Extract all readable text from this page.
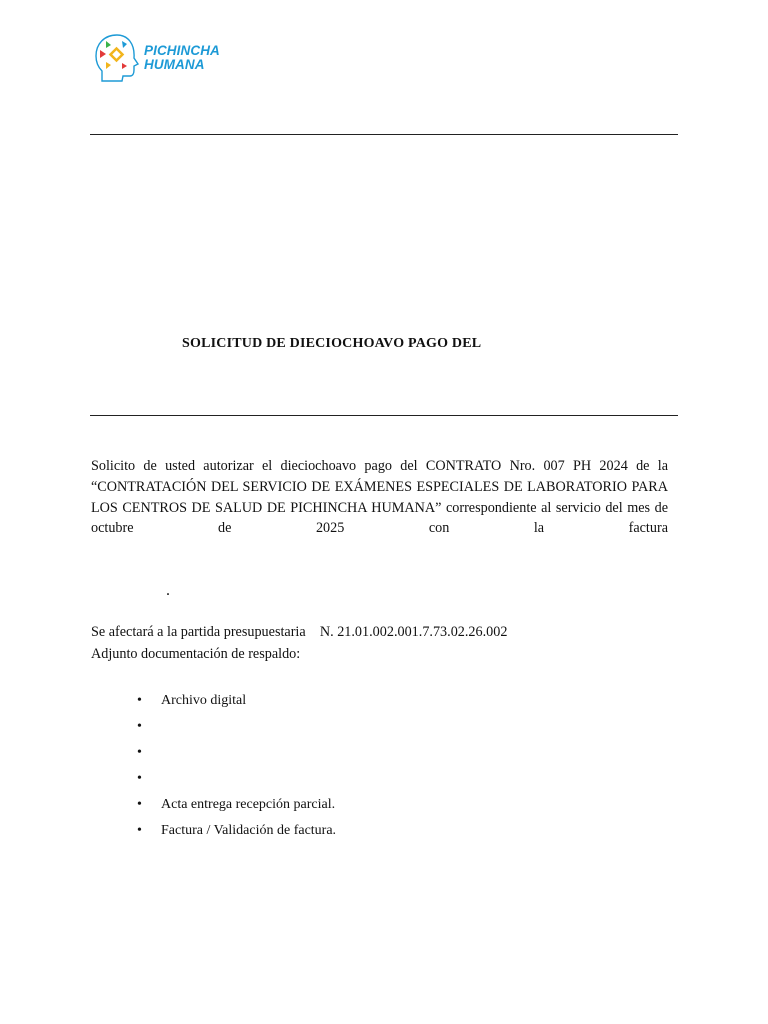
PICHINCHA
HUMANA
SOLICITUD DE DIECIOCHOAVO PAGO DEL

Solicito de usted autorizar el dieciochoavo pago del CONTRATO Nro. 007 PH 2024 de la “CONTRATACIÓN DEL SERVICIO DE EXÁMENES ESPECIALES DE LABORATORIO PARA LOS CENTROS DE SALUD DE PICHINCHA HUMANA” correspondiente al servicio del mes de octubre de 2025 con la factura

.
Se afectará a la partida presupuestaria    N. 21.01.002.001.7.73.02.26.002
Adjunto documentación de respaldo:
• Archivo digital
•
•
•
• Acta entrega recepción parcial.
• Factura / Validación de factura.
